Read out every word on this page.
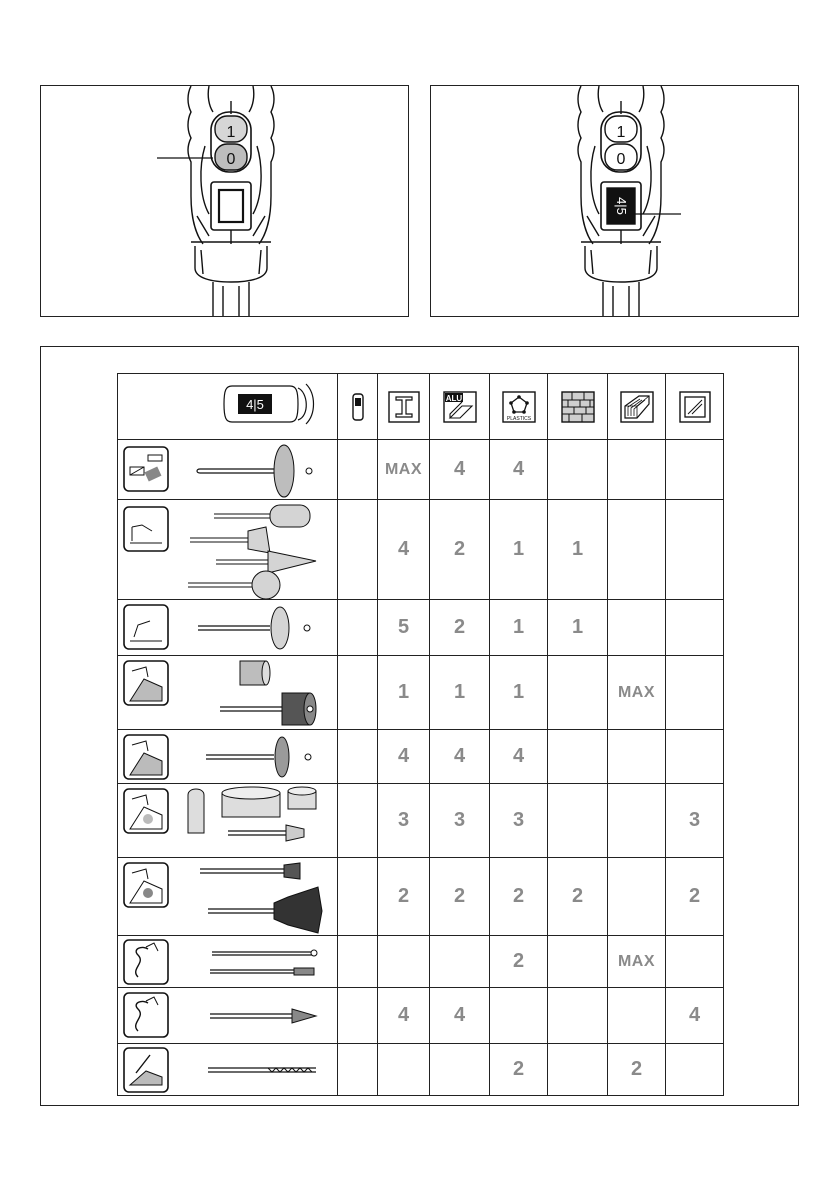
1
0
1
0
4|5
4|5			ALU	PLASTICS

		MAX	4	4			

		4	2	1	1		

		5	2	1	1		

		1	1	1		MAX	

		4	4	4			

		3	3	3			3

		2	2	2	2		2

				2		MAX	

		4	4				4

				2		2	
